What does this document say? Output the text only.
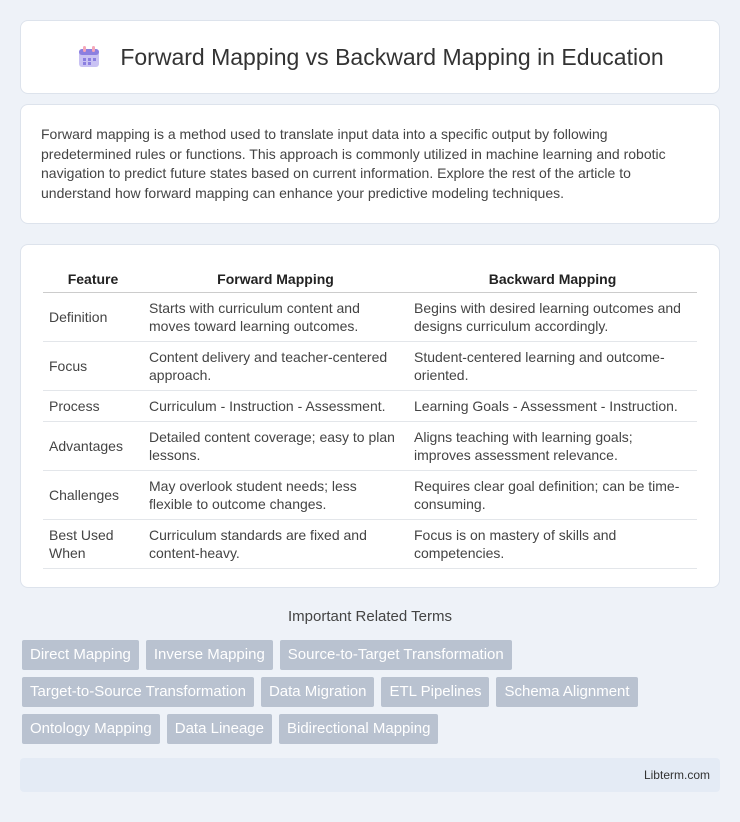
Forward Mapping vs Backward Mapping in Education

Forward mapping is a method used to translate input data into a specific output by following predetermined rules or functions. This approach is commonly utilized in machine learning and robotic navigation to predict future states based on current information. Explore the rest of the article to understand how forward mapping can enhance your predictive modeling techniques.

Feature	Forward Mapping	Backward Mapping
Definition	Starts with curriculum content and moves toward learning outcomes.	Begins with desired learning outcomes and designs curriculum accordingly.
Focus	Content delivery and teacher-centered approach.	Student-centered learning and outcome-oriented.
Process	Curriculum - Instruction - Assessment.	Learning Goals - Assessment - Instruction.
Advantages	Detailed content coverage; easy to plan lessons.	Aligns teaching with learning goals; improves assessment relevance.
Challenges	May overlook student needs; less flexible to outcome changes.	Requires clear goal definition; can be time-consuming.
Best Used When	Curriculum standards are fixed and content-heavy.	Focus is on mastery of skills and competencies.
Important Related Terms
Direct Mapping	Inverse Mapping	Source-to-Target Transformation
Target-to-Source Transformation	Data Migration	ETL Pipelines	Schema Alignment
Ontology Mapping	Data Lineage	Bidirectional Mapping
Libterm.com
